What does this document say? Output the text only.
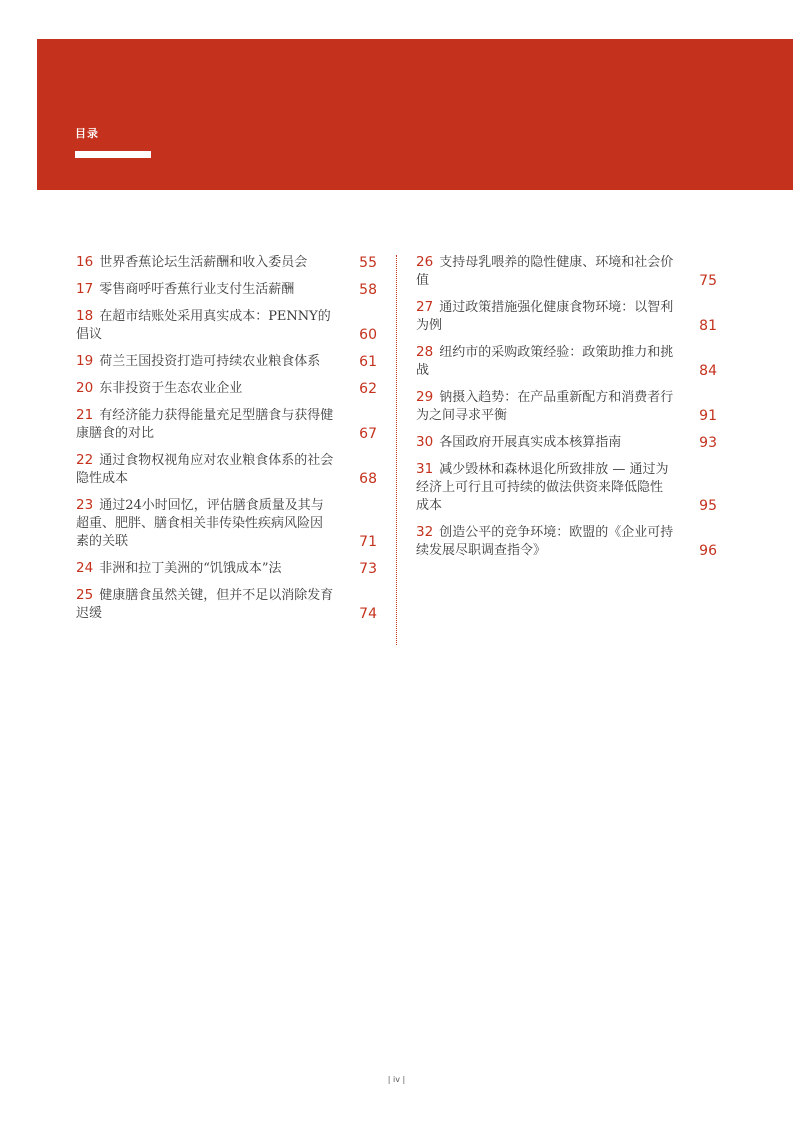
目录
16 世界香蕉论坛生活薪酬和收入委员会	55
17 零售商呼吁香蕉行业支付生活薪酬	58
18 在超市结账处采用真实成本：PENNY的倡议	60
19 荷兰王国投资打造可持续农业粮食体系	61
20 东非投资于生态农业企业	62
21 有经济能力获得能量充足型膳食与获得健康膳食的对比	67
22 通过食物权视角应对农业粮食体系的社会隐性成本	68
23 通过24小时回忆，评估膳食质量及其与超重、肥胖、膳食相关非传染性疾病风险因素的关联	71
24 非洲和拉丁美洲的“饥饿成本”法	73
25 健康膳食虽然关键，但并不足以消除发育迟缓	74
26 支持母乳喂养的隐性健康、环境和社会价值	75
27 通过政策措施强化健康食物环境：以智利为例	81
28 纽约市的采购政策经验：政策助推力和挑战	84
29 钠摄入趋势：在产品重新配方和消费者行为之间寻求平衡	91
30 各国政府开展真实成本核算指南	93
31 减少毁林和森林退化所致排放 — 通过为经济上可行且可持续的做法供资来降低隐性成本	95
32 创造公平的竞争环境：欧盟的《企业可持续发展尽职调查指令》	96
| iv |
